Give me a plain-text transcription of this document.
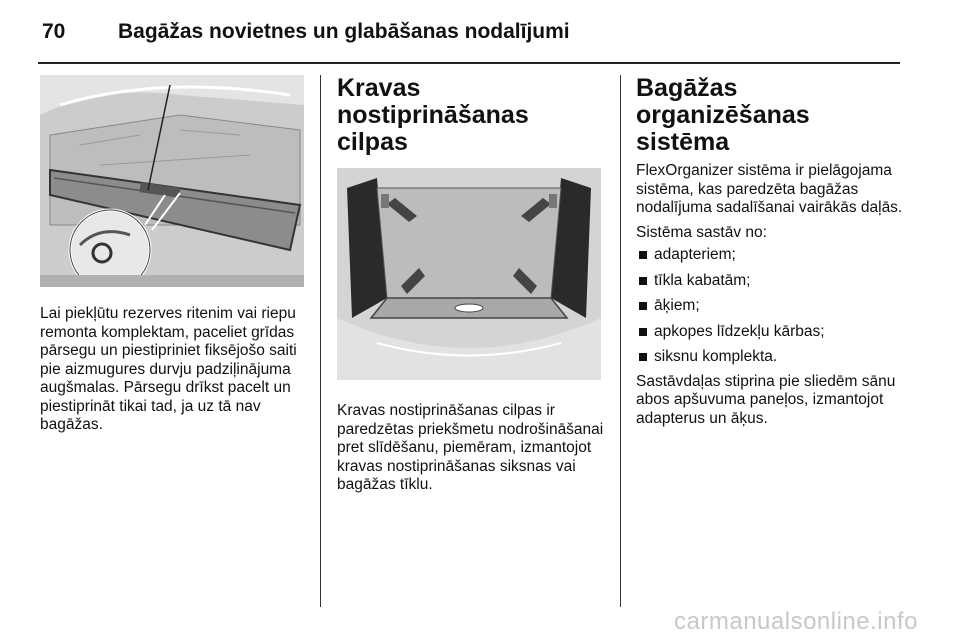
70	Bagāžas novietnes un glabāšanas nodalījumi

Lai piekļūtu rezerves ritenim vai riepu remonta komplektam, paceliet grīdas pārsegu un piestipriniet fiksējošo saiti pie aizmugures durvju padziļinājuma augšmalas. Pārsegu drīkst pacelt un piestiprināt tikai tad, ja uz tā nav bagāžas.

Kravas nostiprināšanas cilpas

Kravas nostiprināšanas cilpas ir paredzētas priekšmetu nodrošināšanai pret slīdēšanu, piemēram, izmantojot kravas nostiprināšanas siksnas vai bagāžas tīklu.

Bagāžas organizēšanas sistēma

FlexOrganizer sistēma ir pielāgojama sistēma, kas paredzēta bagāžas nodalījuma sadalīšanai vairākās daļās.

Sistēma sastāv no:

adapteriem;
tīkla kabatām;
āķiem;
apkopes līdzekļu kārbas;
siksnu komplekta.

Sastāvdaļas stiprina pie sliedēm sānu abos apšuvuma paneļos, izmantojot adapterus un āķus.

carmanualsonline.info
